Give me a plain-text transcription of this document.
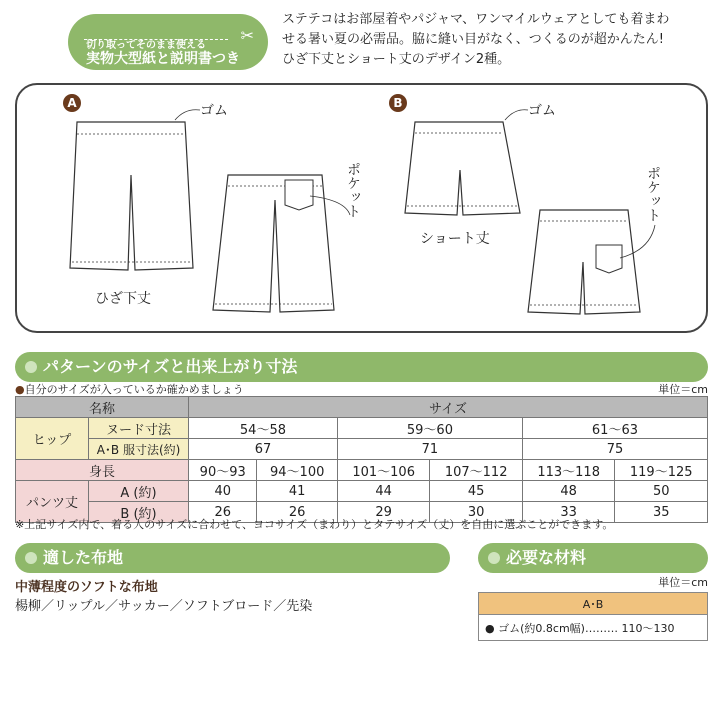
✂
切り取ってそのまま使える
実物大型紙と説明書つき
ステテコはお部屋着やパジャマ、ワンマイルウェアとしても着まわ
せる暑い夏の必需品。脇に縫い目がなく、つくるのが超かんたん!
ひざ下丈とショート丈のデザイン2種。
A	ゴム
ポケット
ひざ下丈
B	ゴム
ポケット
ショート丈
パターンのサイズと出来上がり寸法
●自分のサイズが入っているか確かめましょう	単位＝cm
名称		サイズ					
ヒップ	ヌード寸法	54〜58		59〜60		61〜63	
	A･B 服寸法(約)	67		71		75	
身長		90〜93	94〜100	101〜106	107〜112	113〜118	119〜125
パンツ丈	A (約)	40	41	44	45	48	50
	B (約)	26	26	29	30	33	35
※上記サイズ内で、着る人のサイズに合わせて、ヨコサイズ（まわり）とタテサイズ（丈）を自由に選ぶことができます。
適した布地
中薄程度のソフトな布地
楊柳／リップル／サッカー／ソフトブロード／先染
必要な材料
単位＝cm
A･B
● ゴム(約0.8cm幅)……… 110〜130
